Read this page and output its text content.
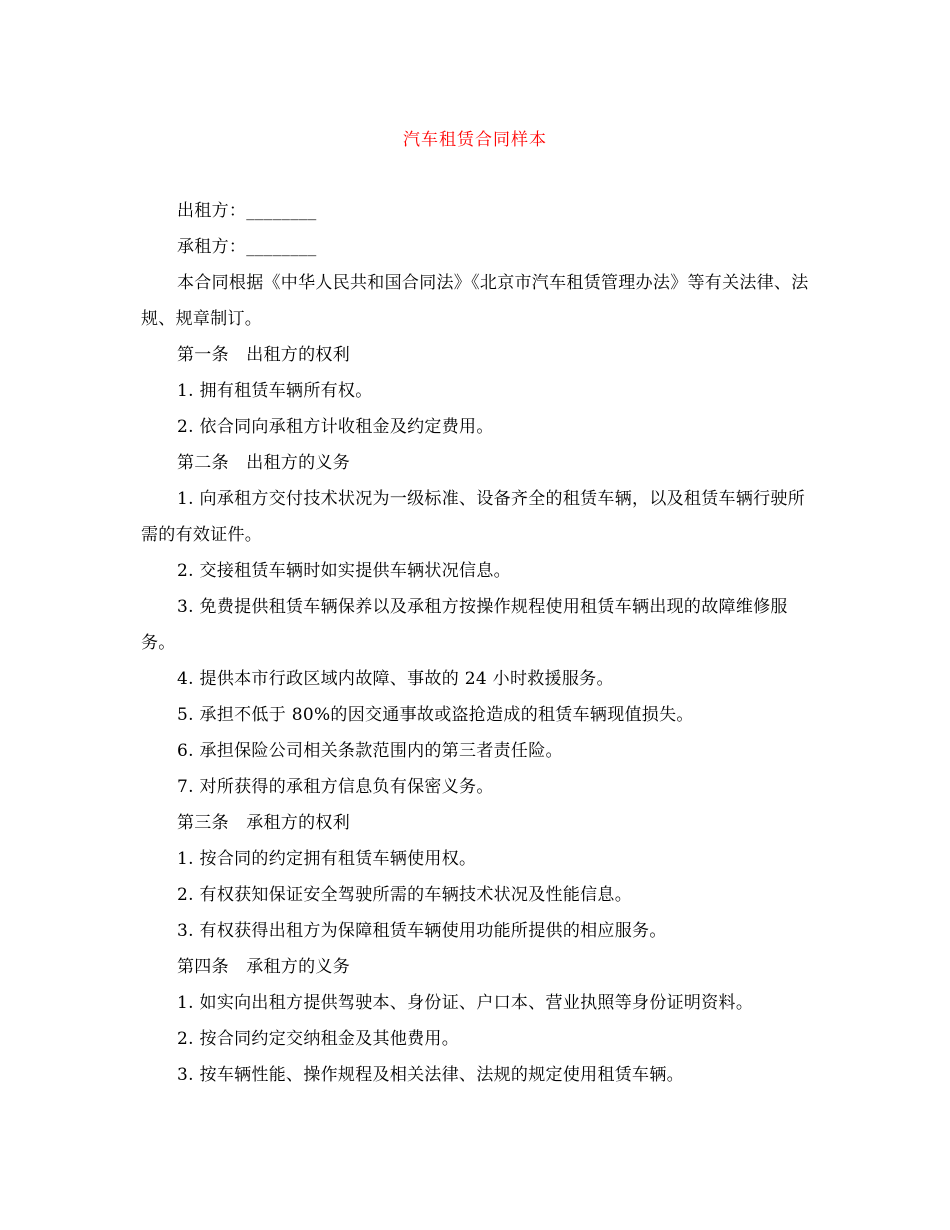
汽车租赁合同样本

出租方：________

承租方：________

本合同根据《中华人民共和国合同法》《北京市汽车租赁管理办法》等有关法律、法规、规章制订。

第一条　出租方的权利

1. 拥有租赁车辆所有权。

2. 依合同向承租方计收租金及约定费用。

第二条　出租方的义务

1. 向承租方交付技术状况为一级标准、设备齐全的租赁车辆，以及租赁车辆行驶所需的有效证件。

2. 交接租赁车辆时如实提供车辆状况信息。

3. 免费提供租赁车辆保养以及承租方按操作规程使用租赁车辆出现的故障维修服务。

4. 提供本市行政区域内故障、事故的 24 小时救援服务。

5. 承担不低于 80%的因交通事故或盗抢造成的租赁车辆现值损失。

6. 承担保险公司相关条款范围内的第三者责任险。

7. 对所获得的承租方信息负有保密义务。

第三条　承租方的权利

1. 按合同的约定拥有租赁车辆使用权。

2. 有权获知保证安全驾驶所需的车辆技术状况及性能信息。

3. 有权获得出租方为保障租赁车辆使用功能所提供的相应服务。

第四条　承租方的义务

1. 如实向出租方提供驾驶本、身份证、户口本、营业执照等身份证明资料。

2. 按合同约定交纳租金及其他费用。

3. 按车辆性能、操作规程及相关法律、法规的规定使用租赁车辆。
